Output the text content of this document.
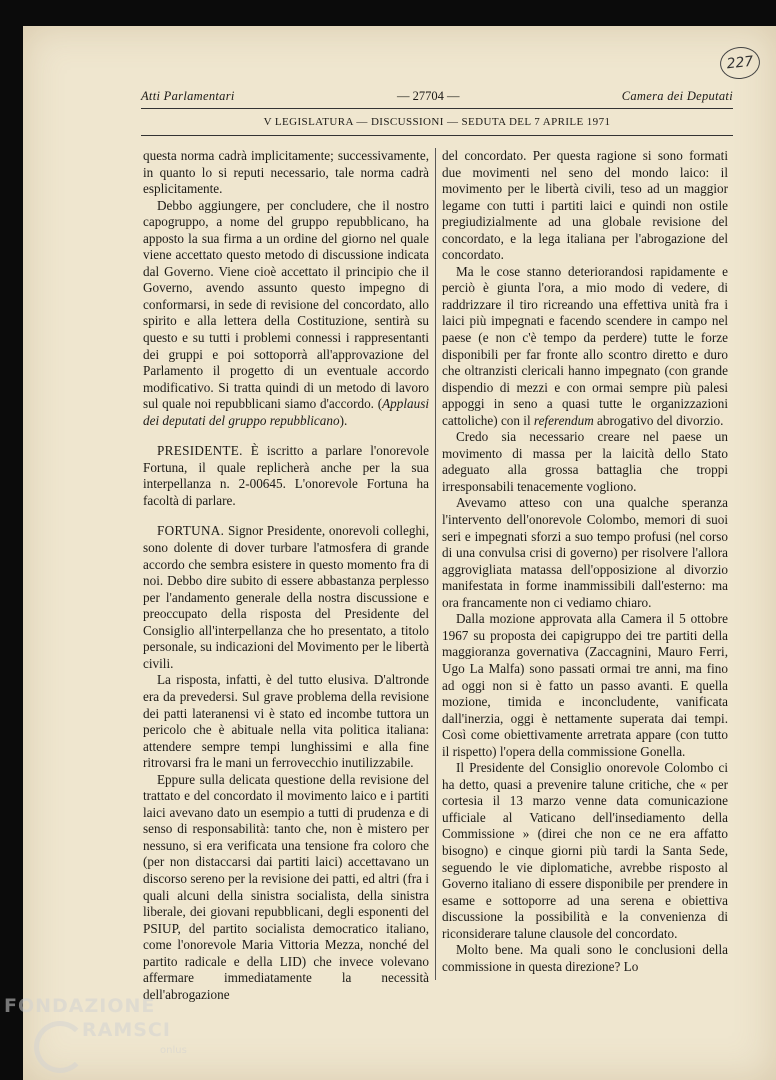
227
Atti Parlamentari	— 27704 —	Camera dei Deputati
V LEGISLATURA — DISCUSSIONI — SEDUTA DEL 7 APRILE 1971

questa norma cadrà implicitamente; successivamente, in quanto lo si reputi necessario, tale norma cadrà esplicitamente.

Debbo aggiungere, per concludere, che il nostro capogruppo, a nome del gruppo repubblicano, ha apposto la sua firma a un ordine del giorno nel quale viene accettato questo metodo di discussione indicata dal Governo. Viene cioè accettato il principio che il Governo, avendo assunto questo impegno di conformarsi, in sede di revisione del concordato, allo spirito e alla lettera della Costituzione, sentirà su questo e su tutti i problemi connessi i rappresentanti dei gruppi e poi sottoporrà all'approvazione del Parlamento il progetto di un eventuale accordo modificativo. Si tratta quindi di un metodo di lavoro sul quale noi repubblicani siamo d'accordo. (Applausi dei deputati del gruppo repubblicano).

PRESIDENTE. È iscritto a parlare l'onorevole Fortuna, il quale replicherà anche per la sua interpellanza n. 2-00645. L'onorevole Fortuna ha facoltà di parlare.

FORTUNA. Signor Presidente, onorevoli colleghi, sono dolente di dover turbare l'atmosfera di grande accordo che sembra esistere in questo momento fra di noi. Debbo dire subito di essere abbastanza perplesso per l'andamento generale della nostra discussione e preoccupato della risposta del Presidente del Consiglio all'interpellanza che ho presentato, a titolo personale, su indicazioni del Movimento per le libertà civili.

La risposta, infatti, è del tutto elusiva. D'altronde era da prevedersi. Sul grave problema della revisione dei patti lateranensi vi è stato ed incombe tuttora un pericolo che è abituale nella vita politica italiana: attendere sempre tempi lunghissimi e alla fine ritrovarsi fra le mani un ferrovecchio inutilizzabile.

Eppure sulla delicata questione della revisione del trattato e del concordato il movimento laico e i partiti laici avevano dato un esempio a tutti di prudenza e di senso di responsabilità: tanto che, non è mistero per nessuno, si era verificata una tensione fra coloro che (per non distaccarsi dai partiti laici) accettavano un discorso sereno per la revisione dei patti, ed altri (fra i quali alcuni della sinistra socialista, della sinistra liberale, dei giovani repubblicani, degli esponenti del PSIUP, del partito socialista democratico italiano, come l'onorevole Maria Vittoria Mezza, nonché del partito radicale e della LID) che invece volevano affermare immediatamente la necessità dell'abrogazione

del concordato. Per questa ragione si sono formati due movimenti nel seno del mondo laico: il movimento per le libertà civili, teso ad un maggior legame con tutti i partiti laici e quindi non ostile pregiudizialmente ad una globale revisione del concordato, e la lega italiana per l'abrogazione del concordato.

Ma le cose stanno deteriorandosi rapidamente e perciò è giunta l'ora, a mio modo di vedere, di raddrizzare il tiro ricreando una effettiva unità fra i laici più impegnati e facendo scendere in campo nel paese (e non c'è tempo da perdere) tutte le forze disponibili per far fronte allo scontro diretto e duro che oltranzisti clericali hanno impegnato (con grande dispendio di mezzi e con ormai sempre più palesi appoggi in seno a quasi tutte le organizzazioni cattoliche) con il referendum abrogativo del divorzio.

Credo sia necessario creare nel paese un movimento di massa per la laicità dello Stato adeguato alla grossa battaglia che troppi irresponsabili tenacemente vogliono.

Avevamo atteso con una qualche speranza l'intervento dell'onorevole Colombo, memori di suoi seri e impegnati sforzi a suo tempo profusi (nel corso di una convulsa crisi di governo) per risolvere l'allora aggrovigliata matassa dell'opposizione al divorzio manifestata in forme inammissibili dall'esterno: ma ora francamente non ci vediamo chiaro.

Dalla mozione approvata alla Camera il 5 ottobre 1967 su proposta dei capigruppo dei tre partiti della maggioranza governativa (Zaccagnini, Mauro Ferri, Ugo La Malfa) sono passati ormai tre anni, ma fino ad oggi non si è fatto un passo avanti. E quella mozione, timida e inconcludente, vanificata dall'inerzia, oggi è nettamente superata dai tempi. Così come obiettivamente arretrata appare (con tutto il rispetto) l'opera della commissione Gonella.

Il Presidente del Consiglio onorevole Colombo ci ha detto, quasi a prevenire talune critiche, che « per cortesia il 13 marzo venne data comunicazione ufficiale al Vaticano dell'insediamento della Commissione » (direi che non ce ne era affatto bisogno) e cinque giorni più tardi la Santa Sede, seguendo le vie diplomatiche, avrebbe risposto al Governo italiano di essere disponibile per prendere in esame e sottoporre ad una serena e obiettiva discussione la possibilità e la convenienza di riconsiderare talune clausole del concordato.

Molto bene. Ma quali sono le conclusioni della commissione in questa direzione? Lo

FONDAZIONE
RAMSCI
onlus
